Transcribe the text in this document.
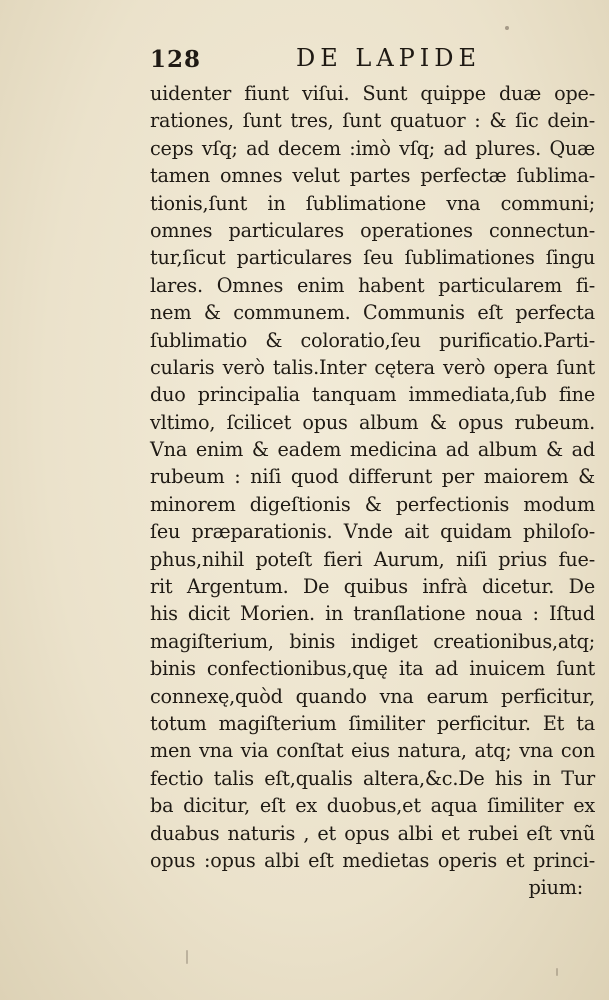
128	DE LAPIDE
uidenter fiunt viſui. Sunt quippe duæ ope-
rationes, ſunt tres, ſunt quatuor : & ſic dein-
ceps vſq; ad decem :imò vſq; ad plures. Quæ
tamen omnes velut partes perfectæ ſublima-
tionis,ſunt in ſublimatione vna communi;
omnes particulares operationes connectun-
tur,ſicut particulares ſeu ſublimationes ſingu
lares. Omnes enim habent particularem fi-
nem & communem. Communis eſt perfecta
ſublimatio & coloratio,ſeu purificatio.Parti-
cularis verò talis.Inter cętera verò opera ſunt
duo principalia tanquam immediata,ſub fine
vltimo, ſcilicet opus album & opus rubeum.
Vna enim & eadem medicina ad album & ad
rubeum : niſi quod differunt per maiorem &
minorem digeſtionis & perfectionis modum
ſeu præparationis. Vnde ait quidam philoſo-
phus,nihil poteſt fieri Aurum, niſi prius fue-
rit Argentum. De quibus infrà dicetur. De
his dicit Morien. in tranſlatione noua : Iſtud
magiſterium, binis indiget creationibus,atq;
binis confectionibus,quę ita ad inuicem ſunt
connexę,quòd quando vna earum perficitur,
totum magiſterium ſimiliter perficitur. Et ta
men vna via conſtat eius natura, atq; vna con
fectio talis eſt,qualis altera,&c.De his in Tur
ba dicitur, eſt ex duobus,et aqua ſimiliter ex
duabus naturis , et opus albi et rubei eſt vnũ
opus :opus albi eſt medietas operis et princi-
pium:
